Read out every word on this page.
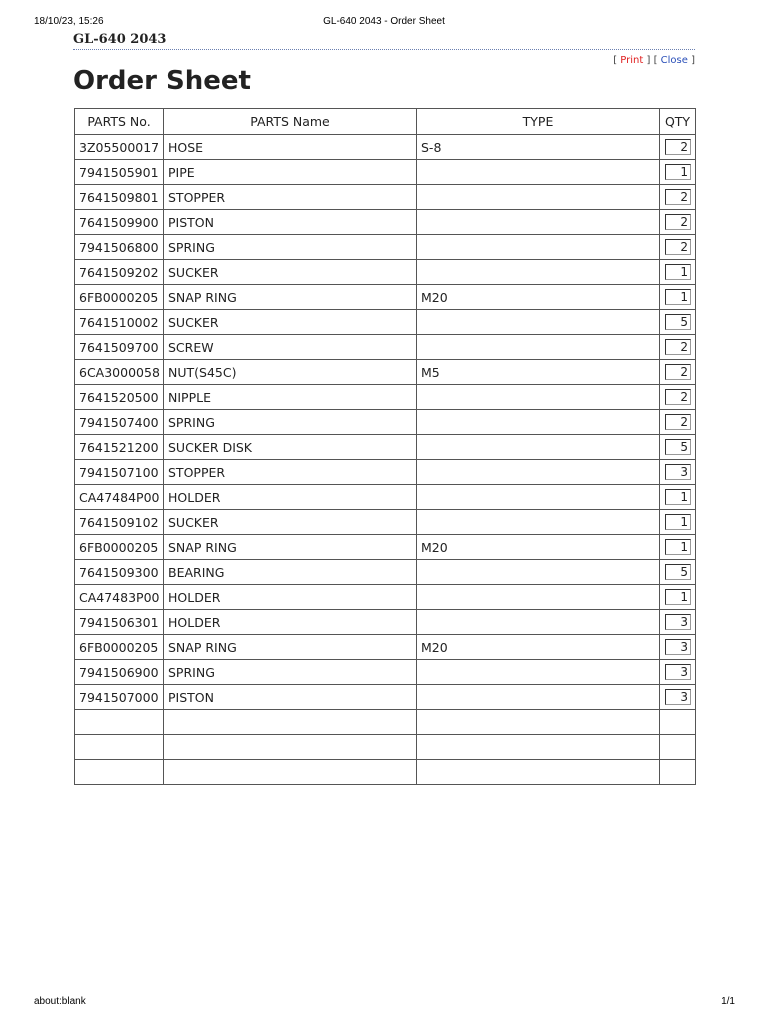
18/10/23, 15:26	GL-640 2043 - Order Sheet
GL-640 2043
[ Print ] [ Close ]
Order Sheet
PARTS No.	PARTS Name	TYPE	QTY
3Z05500017	HOSE	S-8	2

7941505901	PIPE		1

7641509801	STOPPER		2

7641509900	PISTON		2

7941506800	SPRING		2

7641509202	SUCKER		1

6FB0000205	SNAP RING	M20	1

7641510002	SUCKER		5

7641509700	SCREW		2

6CA3000058	NUT(S45C)	M5	2

7641520500	NIPPLE		2

7941507400	SPRING		2

7641521200	SUCKER DISK		5

7941507100	STOPPER		3

CA47484P00	HOLDER		1

7641509102	SUCKER		1

6FB0000205	SNAP RING	M20	1

7641509300	BEARING		5

CA47483P00	HOLDER		1

7941506301	HOLDER		3

6FB0000205	SNAP RING	M20	3

7941506900	SPRING		3

7941507000	PISTON		3

about:blank	1/1
